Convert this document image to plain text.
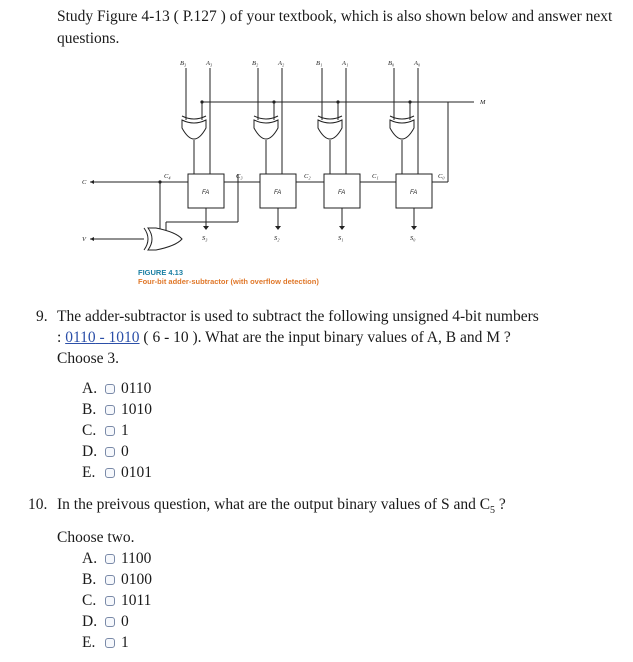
Study Figure 4-13 ( P.127 ) of your textbook, which is also shown below and answer next questions.
B₃	A₃	B₂	A₂	B₁	A₁	B₀	A₀
M
C
V
C₄	C₃	C₂	C₁	C₀
S₃	S₂	S₁	S₀
FA	FA	FA	FA
FIGURE 4.13
Four-bit adder-subtractor (with overflow detection)
9. The adder-subtractor is used to subtract the following unsigned 4-bit numbers
: 0110 - 1010 ( 6 - 10 ). What are the input binary values of A, B and M ?
Choose 3.
A.	0110
B.	1010
C.	1
D.	0
E.	0101
10. In the preivous question, what are the output binary values of S and $C_5$ ?
Choose two.
A.	1100
B.	0100
C.	1011
D.	0
E.	1
